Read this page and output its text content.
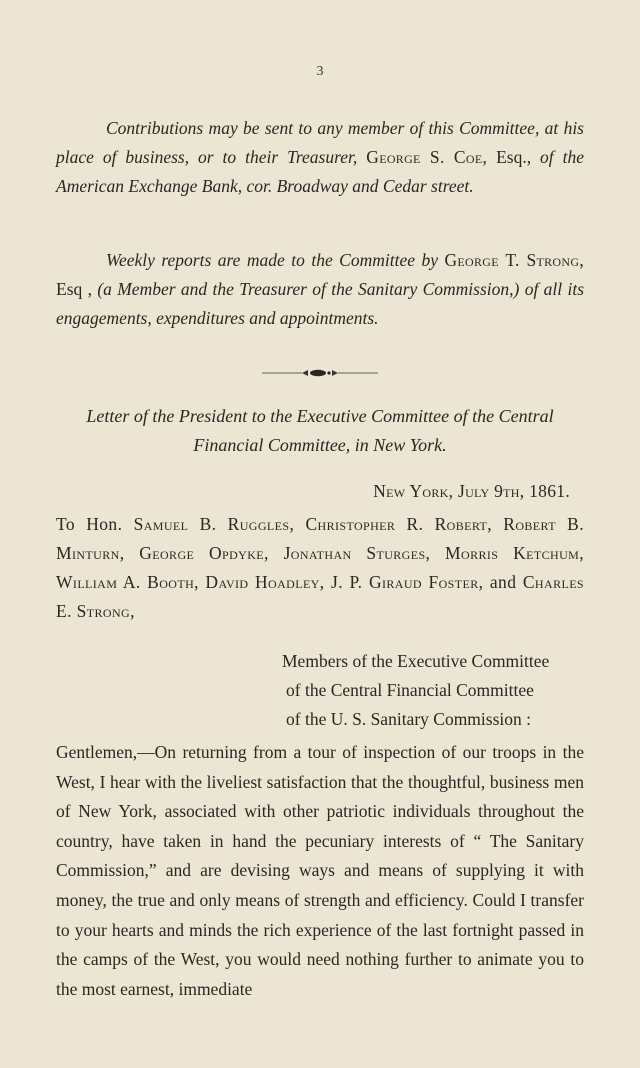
3

Contributions may be sent to any member of this Committee, at his place of business, or to their Treasurer, George S. Coe, Esq., of the American Exchange Bank, cor. Broadway and Cedar street.

Weekly reports are made to the Committee by George T. Strong, Esq , (a Member and the Treasurer of the Sanitary Commission,) of all its engagements, expenditures and appointments.

Letter of the President to the Executive Committee of the Central Financial Committee, in New York.
New York, July 9th, 1861.
To Hon. Samuel B. Ruggles, Christopher R. Robert, Robert B. Minturn, George Opdyke, Jonathan Sturges, Morris Ketchum, William A. Booth, David Hoadley, J. P. Giraud Foster, and Charles E. Strong,
Members of the Executive Committee
of the Central Financial Committee
of the U. S. Sanitary Commission :
Gentlemen,—On returning from a tour of inspection of our troops in the West, I hear with the liveliest satisfaction that the thoughtful, business men of New York, associated with other patriotic individuals throughout the country, have taken in hand the pecuniary interests of “ The Sanitary Commission,” and are devising ways and means of supplying it with money, the true and only means of strength and efficiency. Could I transfer to your hearts and minds the rich experience of the last fortnight passed in the camps of the West, you would need nothing further to animate you to the most earnest, immediate
